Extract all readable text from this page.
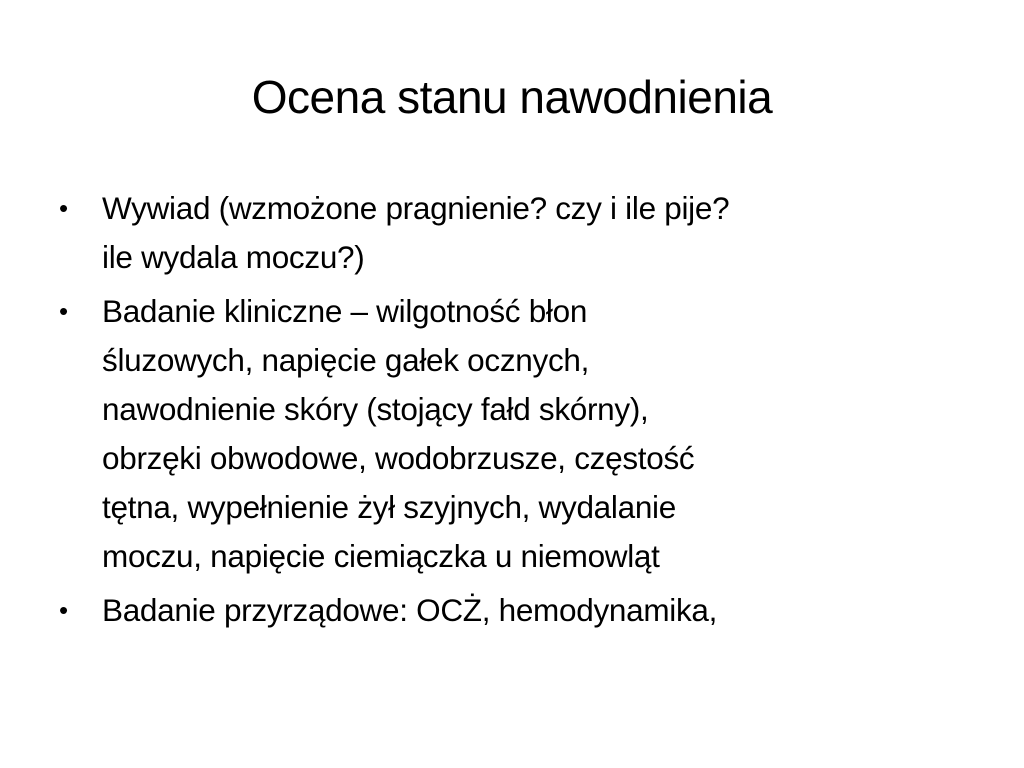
Ocena stanu nawodnienia
•	Wywiad (wzmożone pragnienie? czy i ile pije?
ile wydala moczu?)
•	Badanie kliniczne – wilgotność błon
śluzowych, napięcie gałek ocznych,
nawodnienie skóry (stojący fałd skórny),
obrzęki obwodowe, wodobrzusze, częstość
tętna, wypełnienie żył szyjnych, wydalanie
moczu, napięcie ciemiączka u niemowląt
•	Badanie przyrządowe: OCŻ, hemodynamika,
